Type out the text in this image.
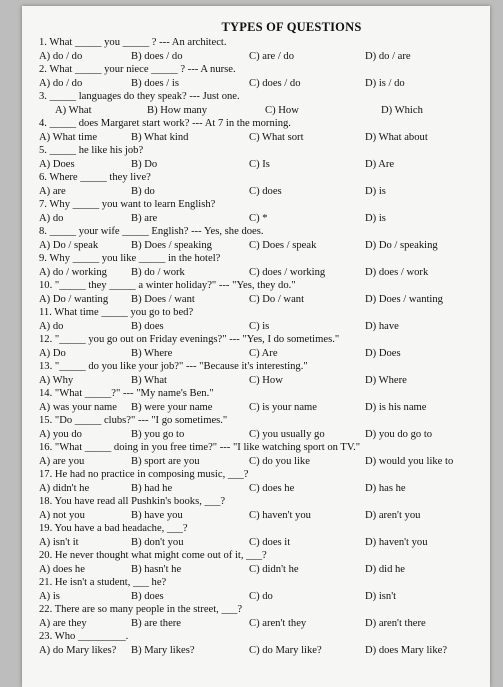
TYPES OF QUESTIONS
1. What _____ you _____ ? --- An architect.
A) do / do	B) does / do	C) are / do	D) do / are
2. What _____ your niece _____ ? --- A nurse.
A) do / do	B) does / is	C) does / do	D) is / do
3. _____ languages do they speak? --- Just one.
A) What	B) How many	C) How	D) Which
4. _____ does Margaret start work? --- At 7 in the morning.
A) What time	B) What kind	C) What sort	D) What about
5. _____ he like his job?
A) Does	B) Do	C) Is	D) Are
6. Where _____ they live?
A) are	B) do	C) does	D) is
7. Why _____ you want to learn English?
A) do	B) are	C) *	D) is
8. _____ your wife _____ English? --- Yes, she does.
A) Do / speak	B) Does / speaking	C) Does / speak	D) Do / speaking
9. Why _____ you like _____ in the hotel?
A) do / working	B) do / work	C) does / working	D) does / work
10. "_____ they _____ a winter holiday?" --- "Yes, they do."
A) Do / wanting	B) Does / want	C) Do / want	D) Does / wanting
11. What time _____ you go to bed?
A) do	B) does	C) is	D) have
12. "_____ you go out on Friday evenings?" --- "Yes, I do sometimes."
A) Do	B) Where	C) Are	D) Does
13. "_____ do you like your job?" --- "Because it's interesting."
A) Why	B) What	C) How	D) Where
14. "What _____?" --- "My name's Ben."
A) was your name	B) were your name	C) is your name	D) is his name
15. "Do _____ clubs?" --- "I go sometimes."
A) you do	B) you go to	C) you usually go	D) you do go to
16. "What _____ doing in you free time?" --- "I like watching sport on TV."
A) are you	B) sport are you	C) do you like	D) would you like to
17. He had no practice in composing music, ___?
A) didn't he	B) had he	C) does he	D) has he
18. You have read all Pushkin's books, ___?
A) not you	B) have you	C) haven't you	D) aren't you
19. You have a bad headache, ___?
A) isn't it	B) don't you	C) does it	D) haven't you
20. He never thought what might come out of it, ___?
A) does he	B) hasn't he	C) didn't he	D) did he
21. He isn't a student, ___ he?
A) is	B) does	C) do	D) isn't
22. There are so many people in the street, ___?
A) are they	B) are there	C) aren't they	D) aren't there
23. Who _________.
A) do Mary likes?	B) Mary likes?	C) do Mary like?	D) does Mary like?
